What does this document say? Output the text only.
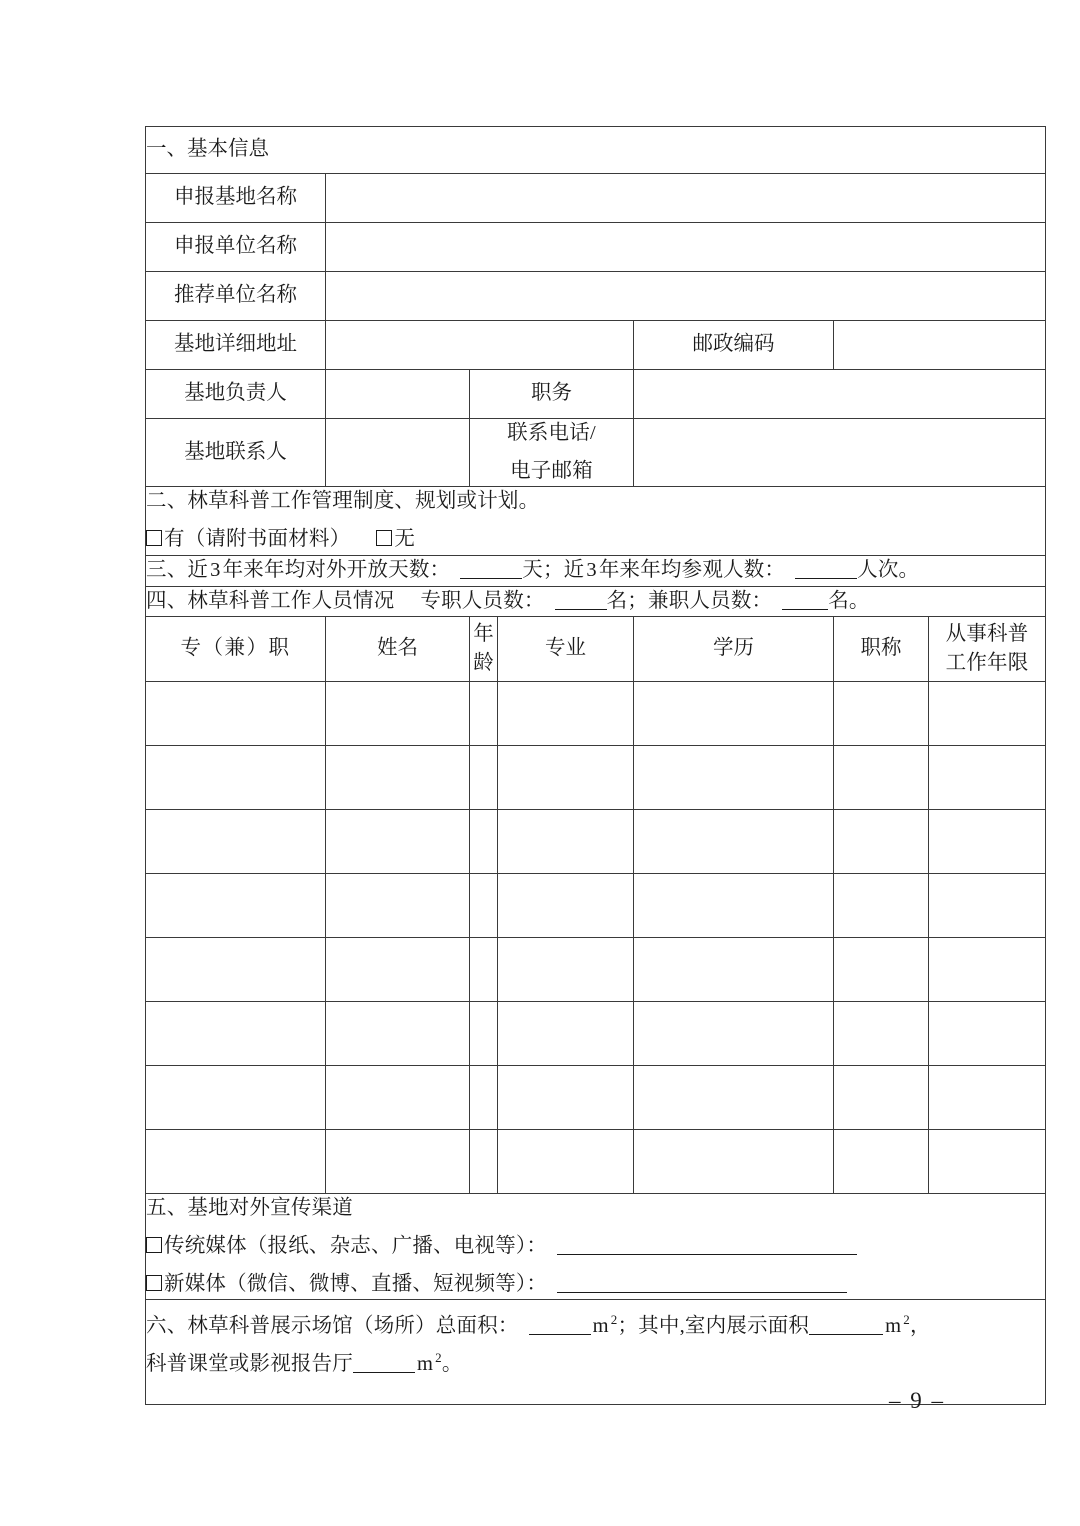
一、基本信息						
申报基地名称						
申报单位名称						
推荐单位名称						
基地详细地址				邮政编码		
基地负责人		职务				
基地联系人		联系电话/
电子邮箱				

二、林草科普工作管理制度、规划或计划。
有（请附书面材料） 无						

三、近3年来年均对外开放天数： 天；近3年来年均参观人数： 人次。						

四、林草科普工作人员情况 专职人员数： 名；兼职人员数： 名。						

专（兼）职	姓名	年龄	专业	学历	职称	从事科普
工作年限

五、基地对外宣传渠道
传统媒体（报纸、杂志、广播、电视等）：
新媒体（微信、微博、直播、短视频等）：						

六、林草科普展示场馆（场所）总面积： m $^2$；其中,室内展示面积 m $^2$，
科普课堂或影视报告厅 m $^2$。						
– 9 –
